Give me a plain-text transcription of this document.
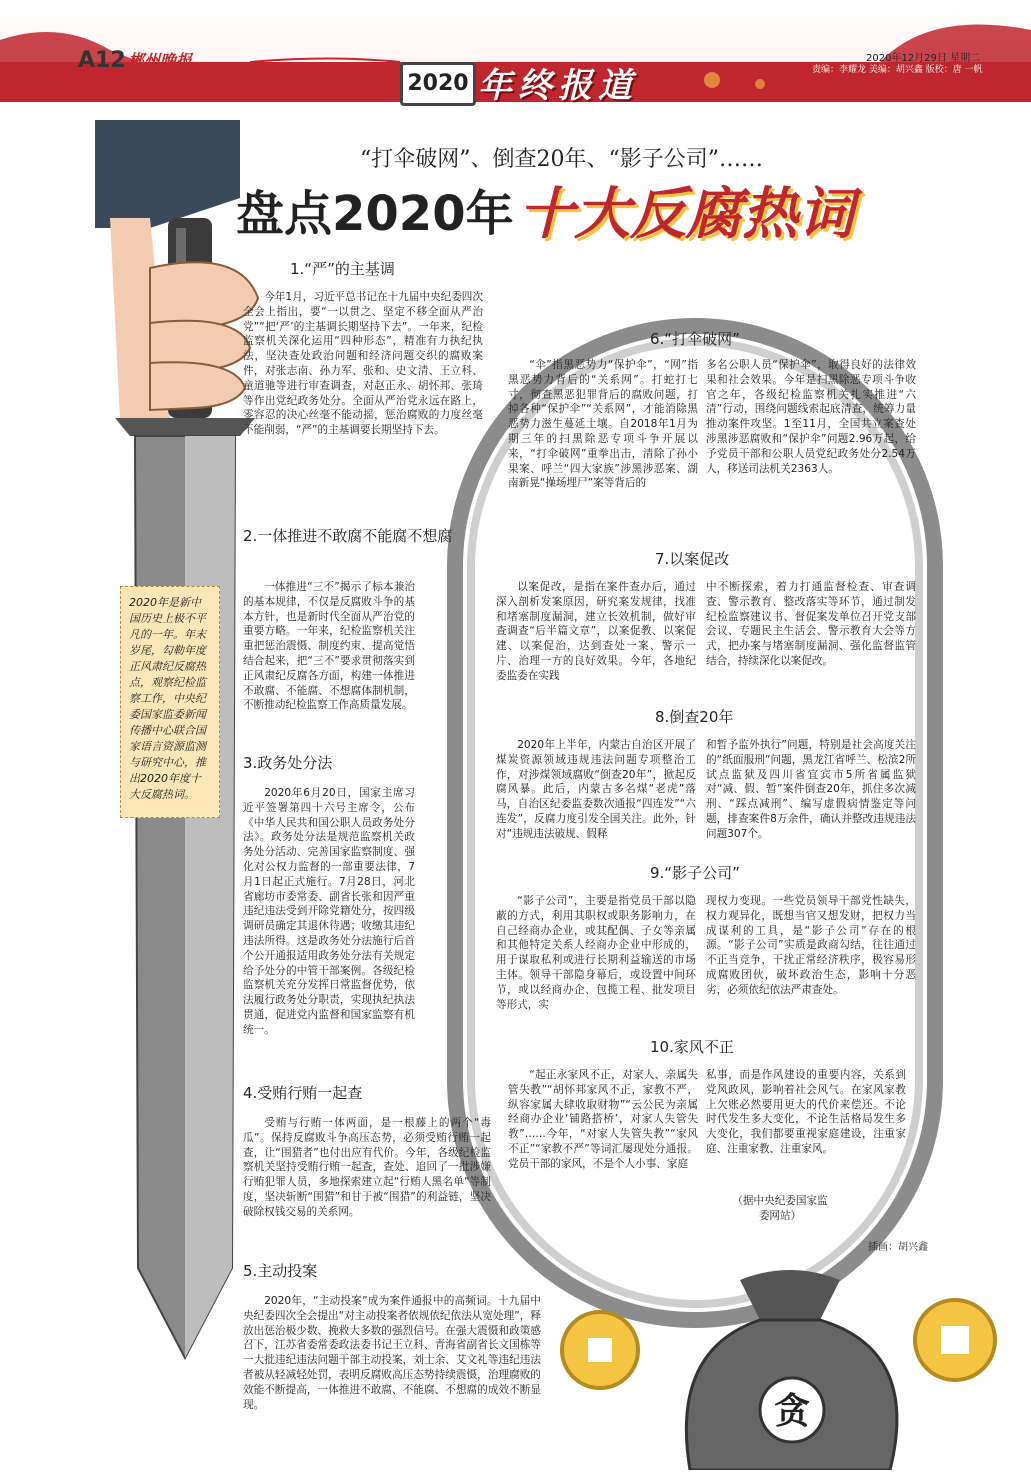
A12 郴州晚报	2020年12月29日 星期二
责编：李耀龙 美编：胡兴鑫 版校：唐 一帆
2020 年终报道
贪
“打伞破网”、倒查20年、“影子公司”……
盘点2020年 十大反腐热词
2020年是新中国历史上极不平凡的一年。年末岁尾，勾勒年度正风肃纪反腐热点，观察纪检监察工作，中央纪委国家监委新闻传播中心联合国家语言资源监测与研究中心，推出2020年度十大反腐热词。
1.“严”的主基调

今年1月，习近平总书记在十九届中央纪委四次全会上指出，要“一以贯之、坚定不移全面从严治党”“把‘严’的主基调长期坚持下去”。一年来，纪检监察机关深化运用“四种形态”，精准有力执纪执法，坚决查处政治问题和经济问题交织的腐败案件，对张志南、孙力军、张和、史文清、王立科、童道驰等进行审查调查，对赵正永、胡怀邦、张琦等作出党纪政务处分。全面从严治党永远在路上，零容忍的决心丝毫不能动摇，惩治腐败的力度丝毫不能削弱，“严”的主基调要长期坚持下去。

2.一体推进不敢腐不能腐不想腐

一体推进“三不”揭示了标本兼治的基本规律，不仅是反腐败斗争的基本方针，也是新时代全面从严治党的重要方略。一年来，纪检监察机关注重把惩治震慑、制度约束、提高觉悟结合起来，把“三不”要求贯彻落实到正风肃纪反腐各方面，构建一体推进不敢腐、不能腐、不想腐体制机制，不断推动纪检监察工作高质量发展。

3.政务处分法

2020年6月20日，国家主席习近平签署第四十六号主席令，公布《中华人民共和国公职人员政务处分法》。政务处分法是规范监察机关政务处分活动、完善国家监察制度、强化对公权力监督的一部重要法律，7月1日起正式施行。7月28日，河北省廊坊市委常委、副省长张和因严重违纪违法受到开除党籍处分，按四级调研员确定其退休待遇；收缴其违纪违法所得。这是政务处分法施行后首个公开通报适用政务处分法有关规定给予处分的中管干部案例。各级纪检监察机关充分发挥日常监督优势，依法履行政务处分职责，实现执纪执法贯通，促进党内监督和国家监察有机统一。

4.受贿行贿一起查

受贿与行贿一体两面，是一根藤上的两个“毒瓜”。保持反腐败斗争高压态势，必须受贿行贿一起查，让“围猎者”也付出应有代价。今年，各级纪检监察机关坚持受贿行贿一起查，查处、追回了一批涉嫌行贿犯罪人员，多地探索建立起“行贿人黑名单”等制度，坚决斩断“围猎”和甘于被“围猎”的利益链，坚决破除权钱交易的关系网。

5.主动投案

2020年，“主动投案”成为案件通报中的高频词。十九届中央纪委四次全会提出“对主动投案者依规依纪依法从宽处理”，释放出惩治极少数、挽救大多数的强烈信号。在强大震慑和政策感召下，江苏省委常委政法委书记王立科、青海省副省长文国栋等一大批违纪违法问题干部主动投案，刘士余、艾文礼等违纪违法者被从轻减轻处罚，表明反腐败高压态势持续震慑，治理腐败的效能不断提高，一体推进不敢腐、不能腐、不想腐的成效不断显现。

6.“打伞破网”

“伞”指黑恶势力“保护伞”，“网”指黑恶势力背后的“关系网”。打蛇打七寸，彻查黑恶犯罪背后的腐败问题，打掉各种“保护伞”“关系网”，才能消除黑恶势力滋生蔓延土壤。自2018年1月为期三年的扫黑除恶专项斗争开展以来，“打伞破网”重拳出击，清除了孙小果案、呼兰“四大家族”涉黑涉恶案、湖南新晃“操场埋尸”案等背后的

多名公职人员“保护伞”，取得良好的法律效果和社会效果。今年是扫黑除恶专项斗争收官之年，各级纪检监察机关扎实推进“六清”行动，围绕问题线索起底清查，统筹力量推动案件攻坚。1至11月，全国共立案查处涉黑涉恶腐败和“保护伞”问题2.96万起，给予党员干部和公职人员党纪政务处分2.54万人，移送司法机关2363人。

7.以案促改

以案促改，是指在案件查办后，通过深入剖析发案原因，研究案发规律，找准和堵塞制度漏洞，建立长效机制，做好审查调查“后半篇文章”，以案促教、以案促建、以案促治，达到查处一案、警示一片、治理一方的良好效果。今年，各地纪委监委在实践

中不断探索，着力打通监督检查、审查调查、警示教育、整改落实等环节，通过制发纪检监察建议书、督促案发单位召开党支部会议、专题民主生活会、警示教育大会等方式，把办案与堵塞制度漏洞、强化监督监管结合，持续深化以案促改。

8.倒查20年

2020年上半年，内蒙古自治区开展了煤炭资源领域违规违法问题专项整治工作，对涉煤领域腐败“倒查20年”，掀起反腐风暴。此后，内蒙古多名煤“老虎”落马，自治区纪委监委数次通报“四连发”“六连发”，反腐力度引发全国关注。此外，针对“违规违法破规、假释

和暂予监外执行”问题，特别是社会高度关注的“纸面服刑”问题，黑龙江省呼兰、松滨2所试点监狱及四川省宜宾市5所省属监狱对“减、假、暂”案件倒查20年，抓住多次减刑、“踩点减刑”、编写虚假病情鉴定等问题，排查案件8万余件，确认并整改违规违法问题307个。

9.“影子公司”

“影子公司”，主要是指党员干部以隐蔽的方式，利用其职权或职务影响力，在自己经商办企业，或其配偶、子女等亲属和其他特定关系人经商办企业中形成的，用于谋取私利或进行长期利益输送的市场主体。领导干部隐身幕后，或设置中间环节，或以经商办企、包揽工程、批发项目等形式，实

现权力变现。一些党员领导干部党性缺失，权力观异化，既想当官又想发财，把权力当成谋利的工具，是“影子公司”存在的根源。“影子公司”实质是政商勾结，往往通过不正当竞争，干扰正常经济秩序，极容易形成腐败团伙，破坏政治生态，影响十分恶劣，必须依纪依法严肃查处。

10.家风不正

“起正永家风不正，对家人、亲属失管失教”“胡怀邦家风不正，家教不严，纵容家属大肆收取财物”“云公民为亲属经商办企业‘铺路搭桥’，对家人失管失教”……今年，“对家人失管失教”“家风不正”“家教不严”等词汇屡现处分通报。党员干部的家风，不是个人小事、家庭

私事，而是作风建设的重要内容，关系到党风政风，影响着社会风气。在家风家教上欠账必然要用更大的代价来偿还。不论时代发生多大变化，不论生活格局发生多大变化，我们都要重视家庭建设，注重家庭、注重家教、注重家风。

（据中央纪委国家监委网站）
插画：胡兴鑫
